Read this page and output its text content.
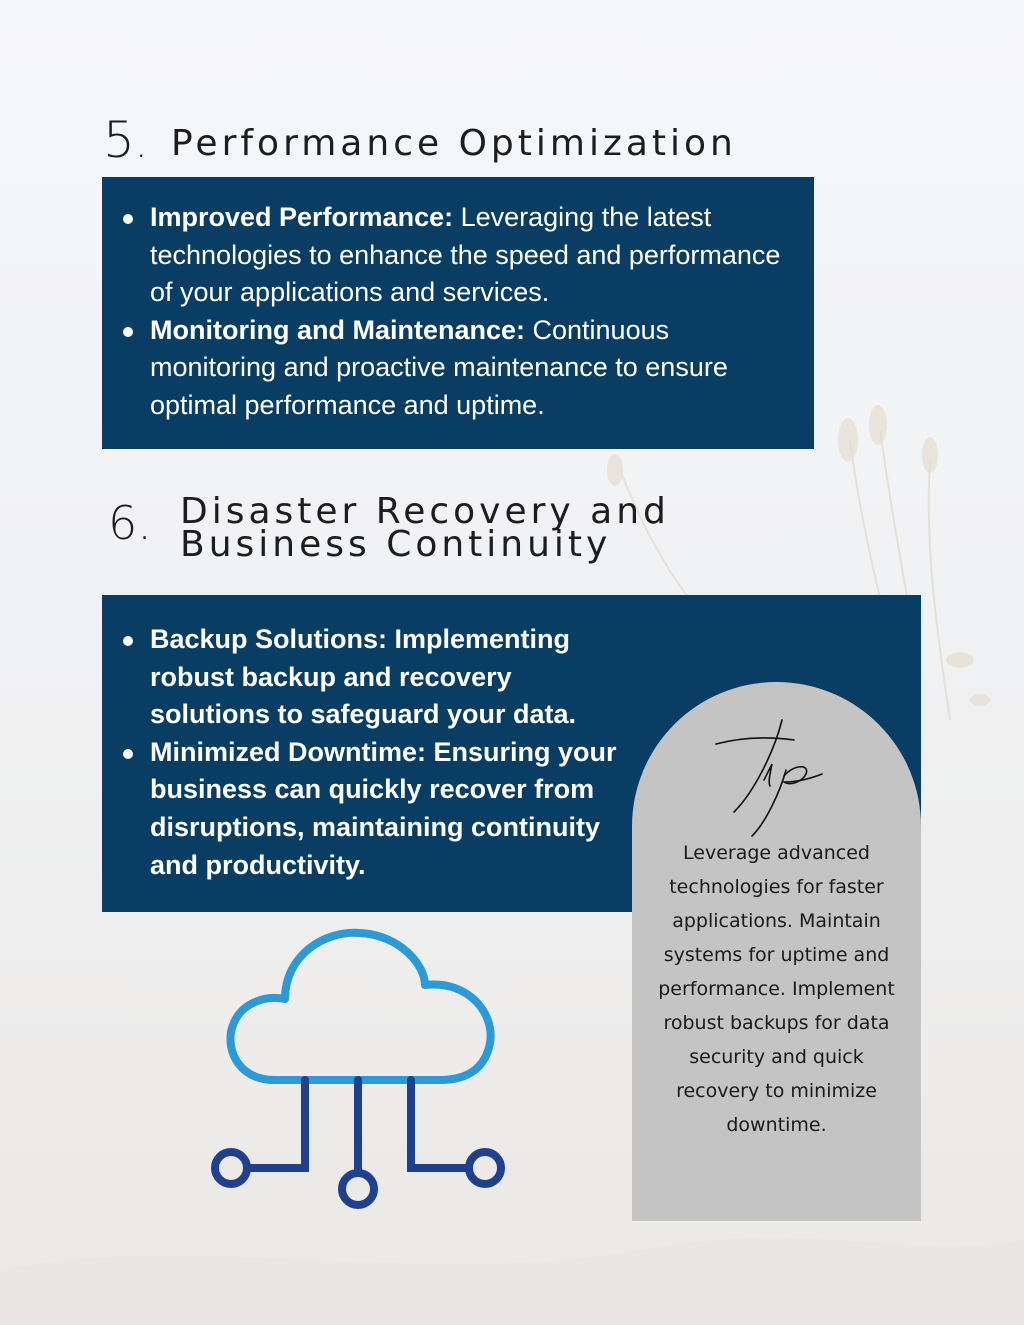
5. Performance Optimization
Improved Performance: Leveraging the latest technologies to enhance the speed and performance of your applications and services.
Monitoring and Maintenance: Continuous monitoring and proactive maintenance to ensure optimal performance and uptime.
6. Disaster Recovery and
Business Continuity
Backup Solutions: Implementing robust backup and recovery solutions to safeguard your data.
Minimized Downtime: Ensuring your business can quickly recover from disruptions, maintaining continuity and productivity.	Leverage advanced technologies for faster applications. Maintain systems for uptime and performance. Implement robust backups for data security and quick recovery to minimize downtime.
